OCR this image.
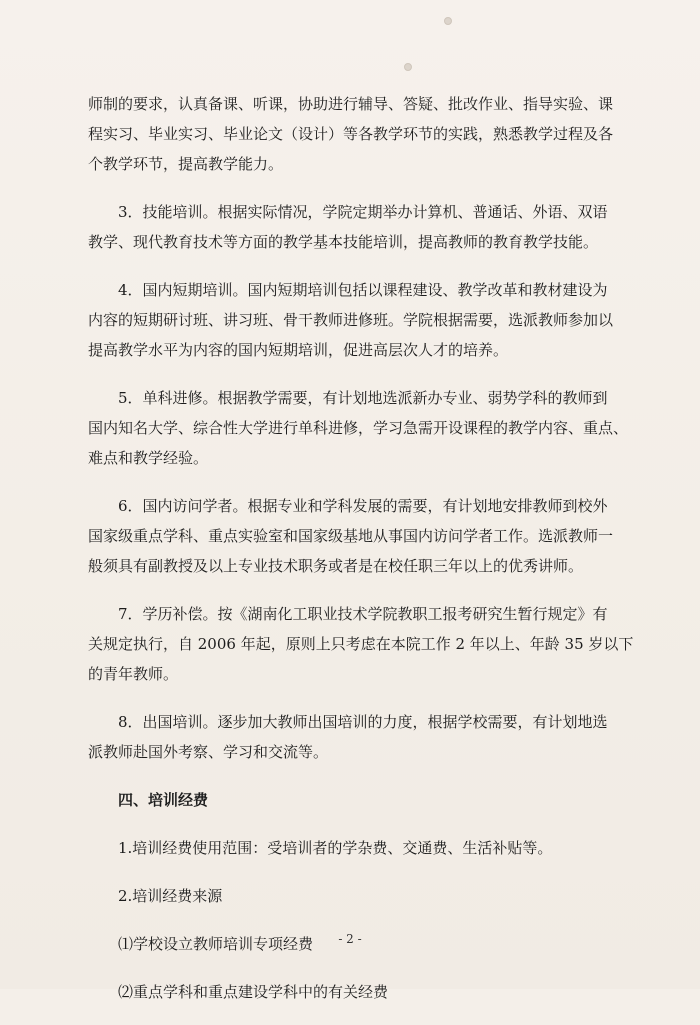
师制的要求，认真备课、听课，协助进行辅导、答疑、批改作业、指导实验、课
程实习、毕业实习、毕业论文（设计）等各教学环节的实践，熟悉教学过程及各
个教学环节，提高教学能力。
3．技能培训。根据实际情况，学院定期举办计算机、普通话、外语、双语
教学、现代教育技术等方面的教学基本技能培训，提高教师的教育教学技能。
4．国内短期培训。国内短期培训包括以课程建设、教学改革和教材建设为
内容的短期研讨班、讲习班、骨干教师进修班。学院根据需要，选派教师参加以
提高教学水平为内容的国内短期培训，促进高层次人才的培养。
5．单科进修。根据教学需要，有计划地选派新办专业、弱势学科的教师到
国内知名大学、综合性大学进行单科进修，学习急需开设课程的教学内容、重点、
难点和教学经验。
6．国内访问学者。根据专业和学科发展的需要，有计划地安排教师到校外
国家级重点学科、重点实验室和国家级基地从事国内访问学者工作。选派教师一
般须具有副教授及以上专业技术职务或者是在校任职三年以上的优秀讲师。
7．学历补偿。按《湖南化工职业技术学院教职工报考研究生暂行规定》有
关规定执行，自 2006 年起，原则上只考虑在本院工作 2 年以上、年龄 35 岁以下
的青年教师。
8．出国培训。逐步加大教师出国培训的力度，根据学校需要，有计划地选
派教师赴国外考察、学习和交流等。
四、培训经费
1.培训经费使用范围：受培训者的学杂费、交通费、生活补贴等。
2.培训经费来源
⑴学校设立教师培训专项经费
⑵重点学科和重点建设学科中的有关经费
- 2 -
